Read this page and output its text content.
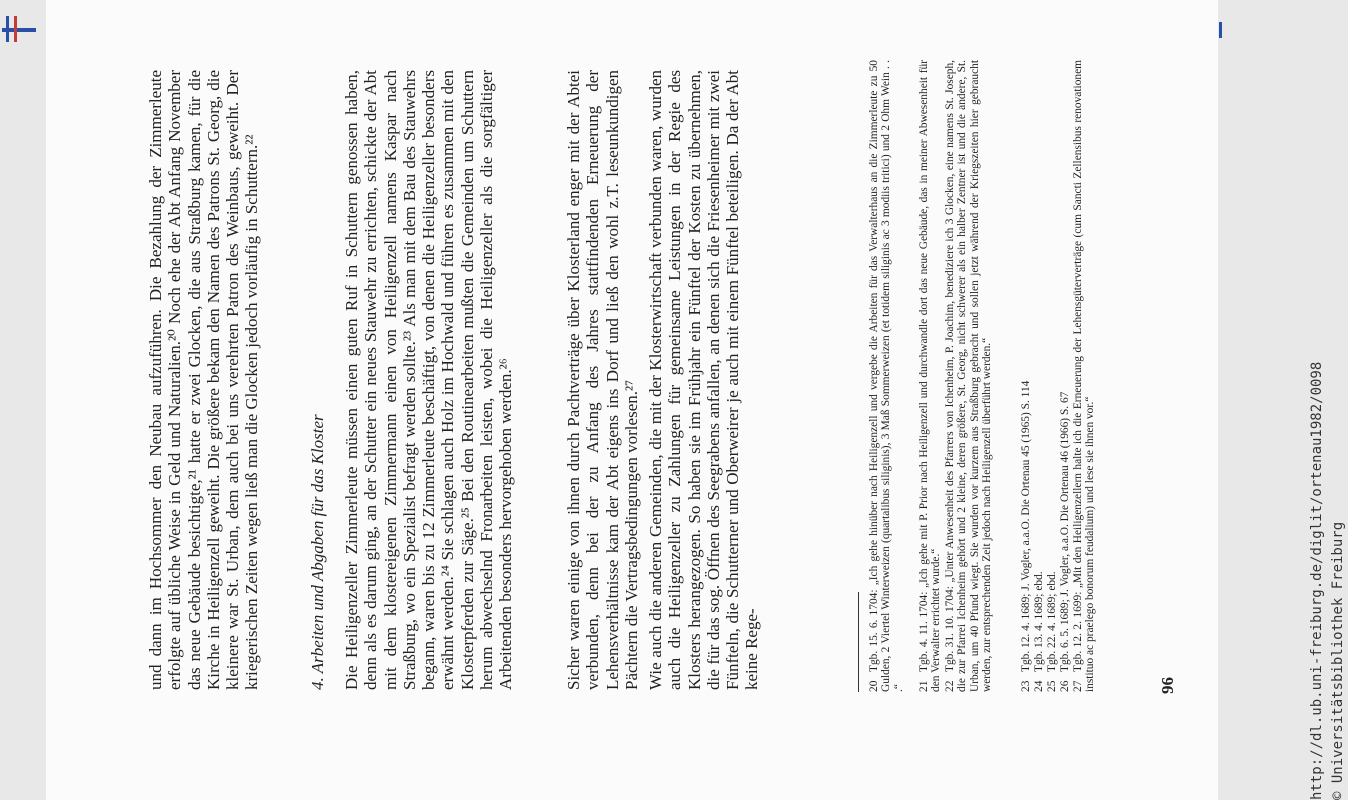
und dann im Hochsommer den Neubau aufzuführen. Die Bezahlung der Zimmerleute erfolgte auf übliche Weise in Geld und Naturalien.²⁰ Noch ehe der Abt Anfang November das neue Gebäude besichtigte,²¹ hatte er zwei Glocken, die aus Straßburg kamen, für die Kirche in Heiligenzell geweiht. Die größere bekam den Namen des Patrons St. Georg, die kleinere war St. Urban, dem auch bei uns verehrten Patron des Weinbaus, geweiht. Der kriegerischen Zeiten wegen ließ man die Glocken jedoch vorläufig in Schuttern.²²	4. Arbeiten und Abgaben für das Kloster Die Heiligenzeller Zimmerleute müssen einen guten Ruf in Schuttern genossen haben, denn als es darum ging, an der Schutter ein neues Stauwehr zu errichten, schickte der Abt mit dem klostereigenen Zimmermann einen von Heiligenzell namens Kaspar nach Straßburg, wo ein Spezialist befragt werden sollte.²³ Als man mit dem Bau des Stauwehrs begann, waren bis zu 12 Zimmerleute beschäftigt, von denen die Heiligenzeller besonders erwähnt werden.²⁴ Sie schlagen auch Holz im Hochwald und führen es zusammen mit den Klosterpferden zur Säge.²⁵ Bei den Routinearbeiten mußten die Gemeinden um Schuttern herum abwechselnd Fronarbeiten leisten, wobei die Heiligenzeller als die sorgfältiger Arbeitenden besonders hervorgehoben werden.²⁶	Sicher waren einige von ihnen durch Pachtverträge über Klosterland enger mit der Abtei verbunden, denn bei der zu Anfang des Jahres stattfindenden Erneuerung der Lehensverhältnisse kam der Abt eigens ins Dorf und ließ den wohl z.T. leseunkundigen Pächtern die Vertragsbedingungen vorlesen.²⁷ Wie auch die anderen Gemeinden, die mit der Klosterwirtschaft verbunden waren, wurden auch die Heiligenzeller zu Zahlungen für gemeinsame Leistungen in der Regie des Klosters herangezogen. So haben sie im Frühjahr ein Fünftel der Kosten zu übernehmen, die für das sog. Öffnen des Seegrabens anfallen, an denen sich die Friesenheimer mit zwei Fünfteln, die Schutterner und Oberweirer je auch mit einem Fünftel beteiligen. Da der Abt keine Rege-	20Tgb. 15. 6. 1704: „Ich gehe hinüber nach Heiligenzell und vergebe die Arbeiten für das Verwalterhaus an die Zimmerleute zu 50 Gulden, 2 Viertel Winterweizen (quartalibus siliginis), 3 Maß Sommerweizen (et totidem siliginis ac 3 modiis tritici) und 2 Ohm Wein . . .“ 21Tgb. 4. 11. 1704: „Ich gehe mit P. Prior nach Heiligenzell und durchwandle dort das neue Gebäude, das in meiner Abwesenheit für den Verwalter errichtet wurde.“ 22Tgb. 31. 10. 1704: „Unter Anwesenheit des Pfarrers von Ichenheim, P. Joachim, benediziere ich 3 Glocken, eine namens St. Joseph, die zur Pfarrei Ichenheim gehört und 2 kleine, deren größere, St. Georg, nicht schwerer als ein halber Zentner ist und die andere, St. Urban, um 40 Pfund wiegt. Sie wurden vor kurzem aus Straßburg gebracht und sollen jetzt während der Kriegszeiten hier gebraucht werden, zur entsprechenden Zeit jedoch nach Heiligenzell überführt werden.“ 23Tgb. 12. 4. 1689; J. Vogler, a.a.O. Die Ortenau 45 (1965) S. 114

24Tgb. 13. 4. 1689; ebd.

25Tgb. 22. 4. 1689; ebd.

26Tgb. 6. 5. 1689; J. Vogler, a.a.O. Die Ortenau 46 (1966) S. 67

27Tgb. 12. 2. 1699: „Mit den Heiligenzellern halte ich die Erneuerung der Lehensgüterverträge (cum Sancti Zellensibus renovationem instituo ac praelego bonorum feudalium) und lese sie ihnen vor.“	96	http://dl.ub.uni-freiburg.de/diglit/ortenau1982/0098 © Universitätsbibliothek Freiburg
